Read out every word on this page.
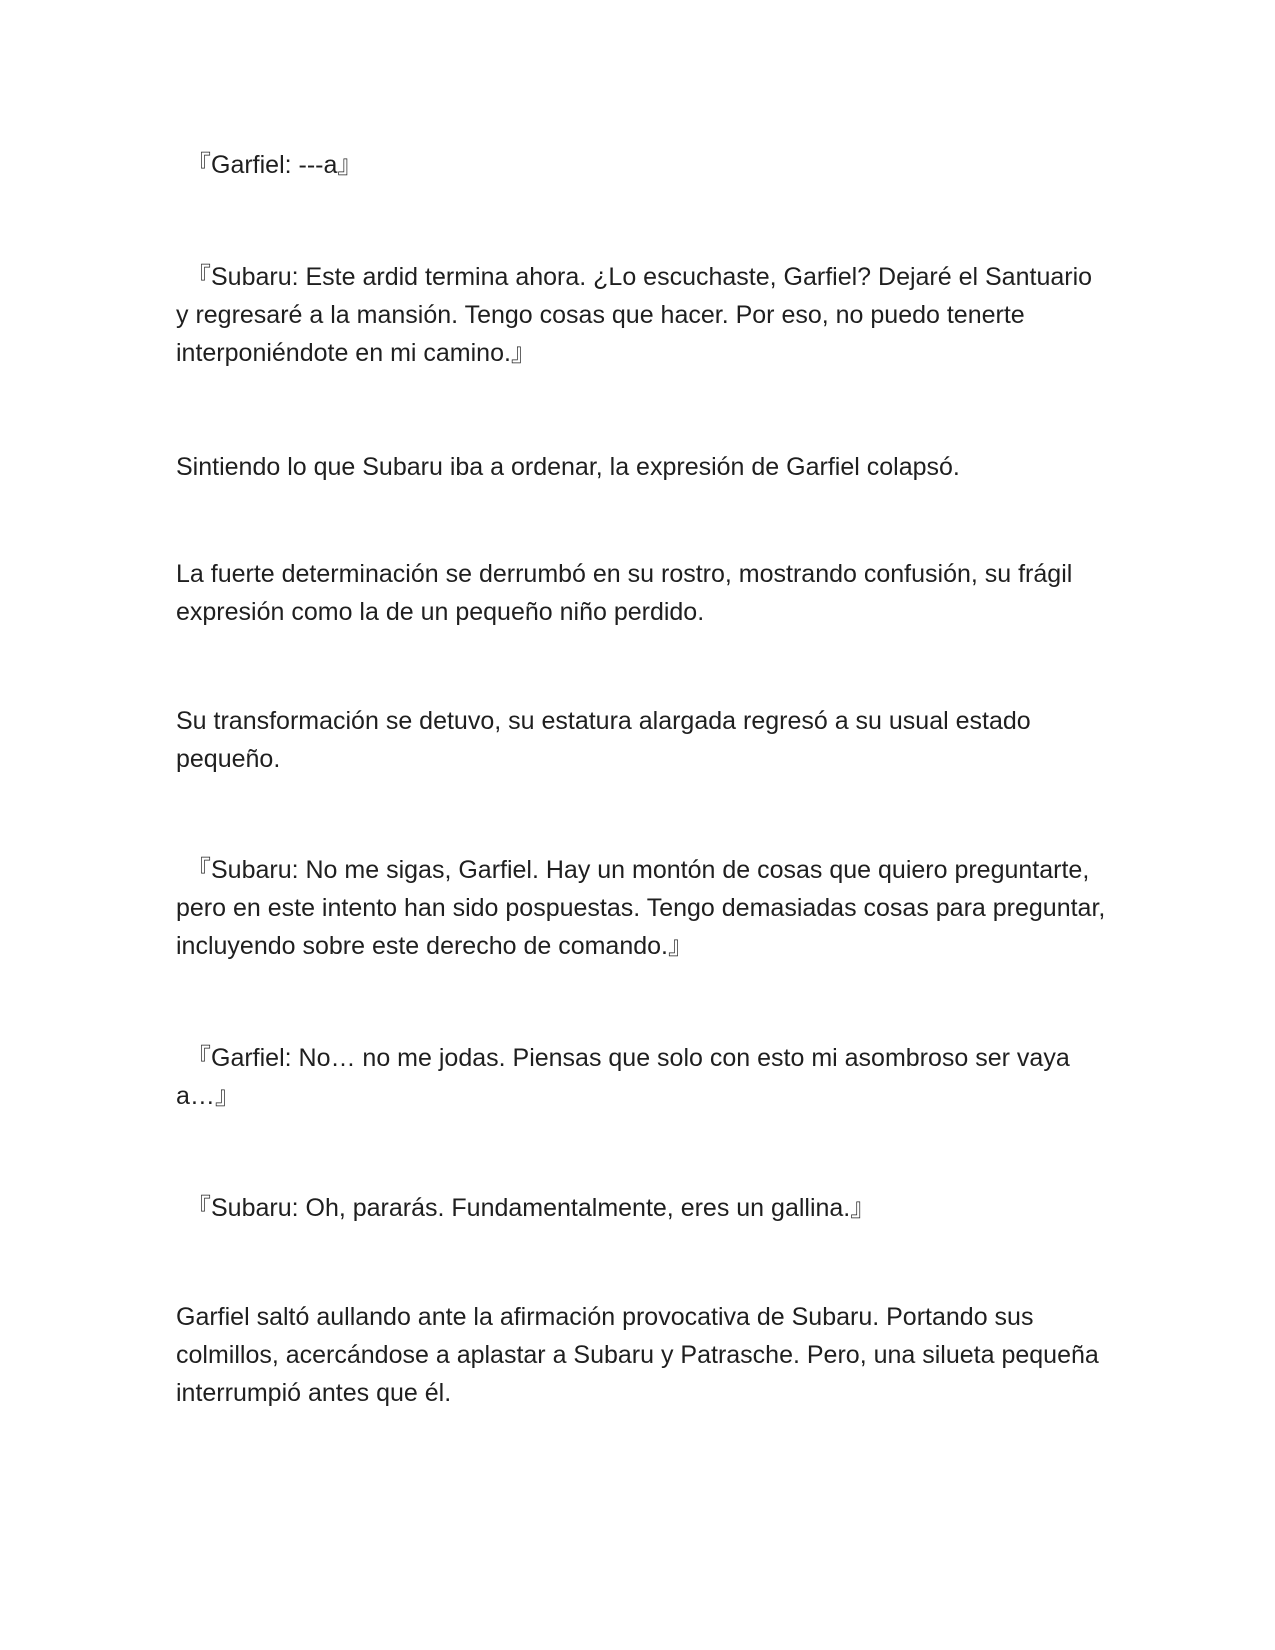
『Garfiel: ---a』

『Subaru: Este ardid termina ahora. ¿Lo escuchaste, Garfiel? Dejaré el Santuario y regresaré a la mansión. Tengo cosas que hacer. Por eso, no puedo tenerte interponiéndote en mi camino.』

Sintiendo lo que Subaru iba a ordenar, la expresión de Garfiel colapsó.

La fuerte determinación se derrumbó en su rostro, mostrando confusión, su frágil expresión como la de un pequeño niño perdido.

Su transformación se detuvo, su estatura alargada regresó a su usual estado pequeño.

『Subaru: No me sigas, Garfiel. Hay un montón de cosas que quiero preguntarte, pero en este intento han sido pospuestas. Tengo demasiadas cosas para preguntar, incluyendo sobre este derecho de comando.』

『Garfiel: No… no me jodas. Piensas que solo con esto mi asombroso ser vaya a…』

『Subaru: Oh, pararás. Fundamentalmente, eres un gallina.』

Garfiel saltó aullando ante la afirmación provocativa de Subaru. Portando sus colmillos, acercándose a aplastar a Subaru y Patrasche. Pero, una silueta pequeña interrumpió antes que él.
